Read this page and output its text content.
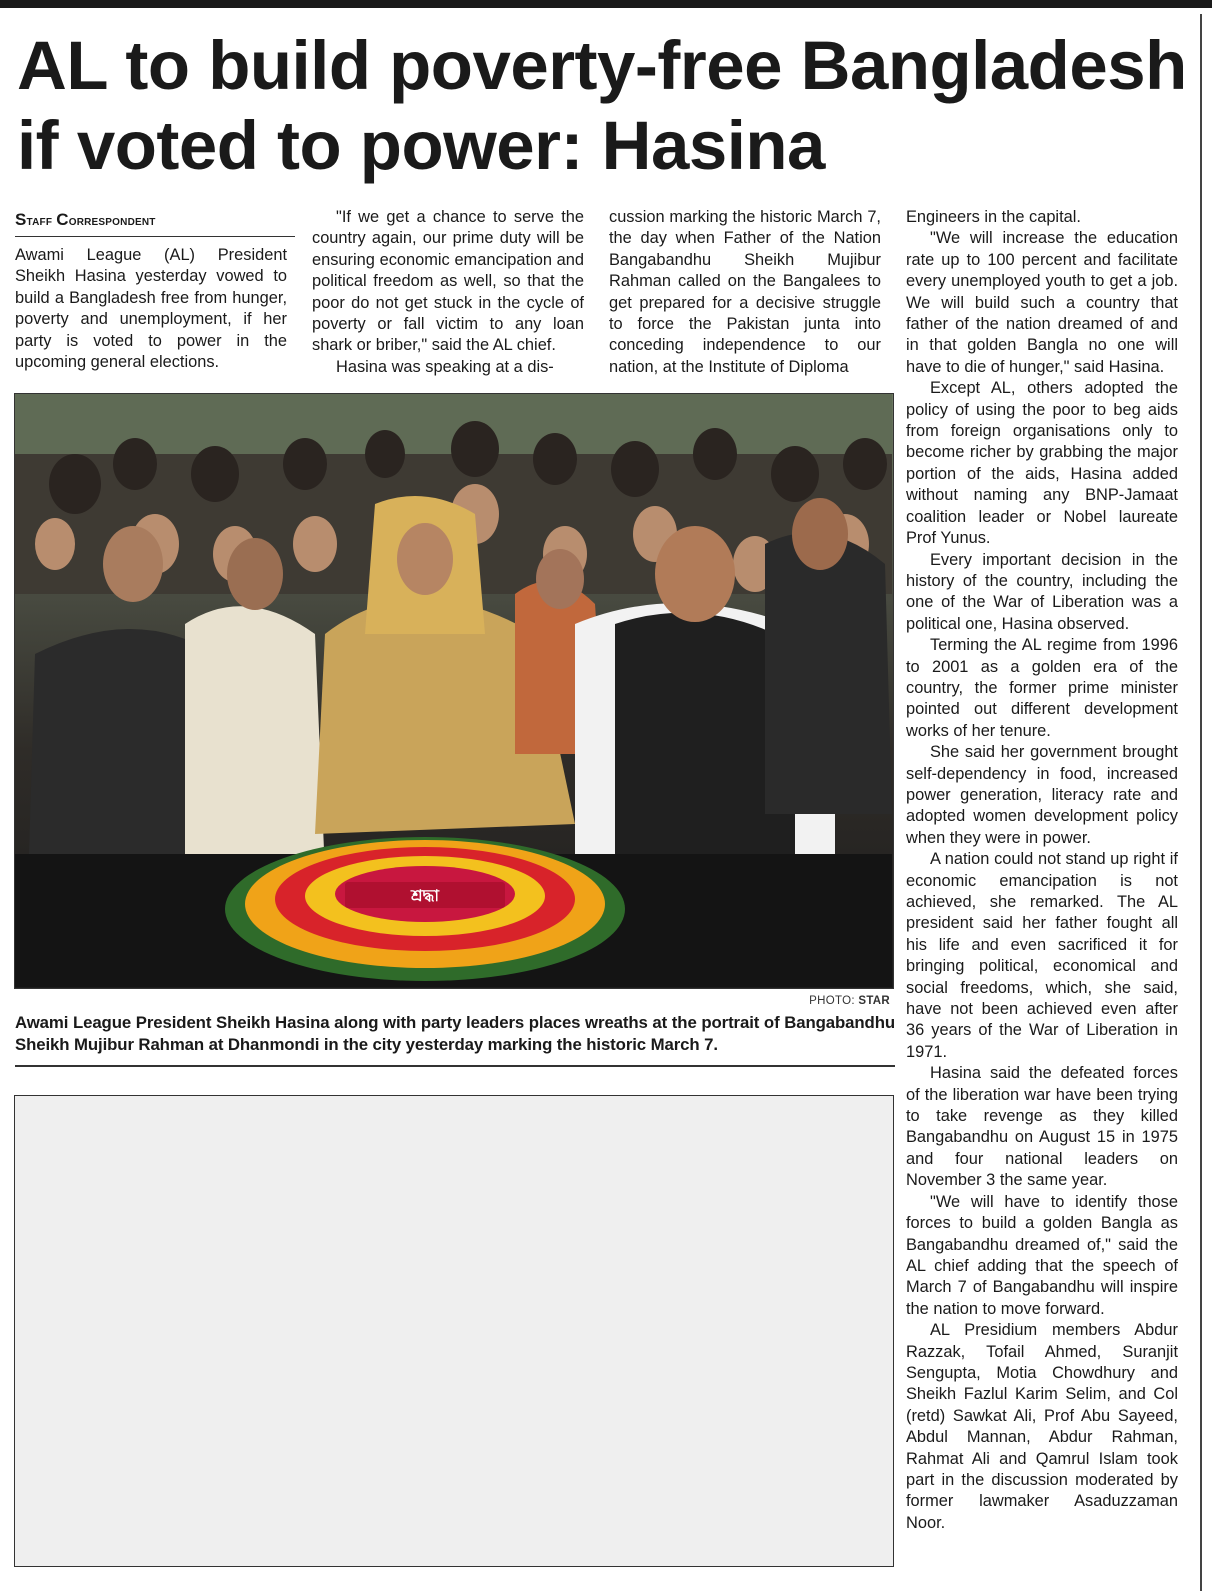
AL to build poverty-free Bangladesh if voted to power: Hasina
Staff Correspondent

Awami League (AL) President Sheikh Hasina yesterday vowed to build a Bangladesh free from hunger, poverty and unemployment, if her party is voted to power in the upcoming general elections.

"If we get a chance to serve the country again, our prime duty will be ensuring economic emancipation and political freedom as well, so that the poor do not get stuck in the cycle of poverty or fall victim to any loan shark or briber," said the AL chief.

Hasina was speaking at a dis-

cussion marking the historic March 7, the day when Father of the Nation Bangabandhu Sheikh Mujibur Rahman called on the Bangalees to get prepared for a decisive struggle to force the Pakistan junta into conceding independence to our nation, at the Institute of Diploma

Engineers in the capital.

"We will increase the education rate up to 100 percent and facilitate every unemployed youth to get a job. We will build such a country that father of the nation dreamed of and in that golden Bangla no one will have to die of hunger," said Hasina.

Except AL, others adopted the policy of using the poor to beg aids from foreign organisations only to become richer by grabbing the major portion of the aids, Hasina added without naming any BNP-Jamaat coalition leader or Nobel laureate Prof Yunus.

Every important decision in the history of the country, including the one of the War of Liberation was a political one, Hasina observed.

Terming the AL regime from 1996 to 2001 as a golden era of the country, the former prime minister pointed out different development works of her tenure.

She said her government brought self-dependency in food, increased power generation, literacy rate and adopted women development policy when they were in power.

A nation could not stand up right if economic emancipation is not achieved, she remarked. The AL president said her father fought all his life and even sacrificed it for bringing political, economical and social freedoms, which, she said, have not been achieved even after 36 years of the War of Liberation in 1971.

Hasina said the defeated forces of the liberation war have been trying to take revenge as they killed Bangabandhu on August 15 in 1975 and four national leaders on November 3 the same year.

"We will have to identify those forces to build a golden Bangla as Bangabandhu dreamed of," said the AL chief adding that the speech of March 7 of Bangabandhu will inspire the nation to move forward.

AL Presidium members Abdur Razzak, Tofail Ahmed, Suranjit Sengupta, Motia Chowdhury and Sheikh Fazlul Karim Selim, and Col (retd) Sawkat Ali, Prof Abu Sayeed, Abdul Mannan, Abdur Rahman, Rahmat Ali and Qamrul Islam took part in the discussion moderated by former lawmaker Asaduzzaman Noor.

শ্রদ্ধা
PHOTO: STAR
Awami League President Sheikh Hasina along with party leaders places wreaths at the portrait of Bangabandhu Sheikh Mujibur Rahman at Dhanmondi in the city yesterday marking the historic March 7.
